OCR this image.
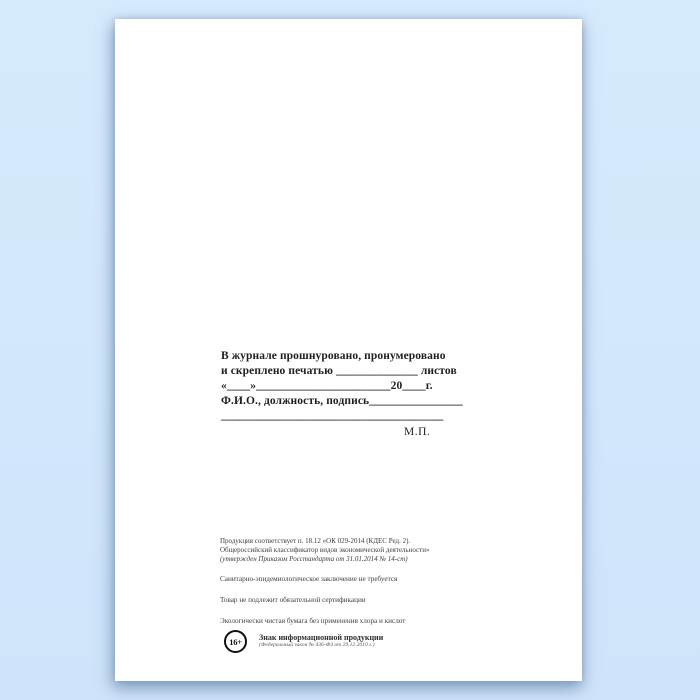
В журнале прошнуровано, пронумеровано
и скреплено печатью ______________ листов
«____»_______________________20____г.
Ф.И.О., должность, подпись________________
______________________________________
М.П.
Продукция соответствует п. 18.12 «ОК 029-2014 (КДЕС Ред. 2).
Общероссийский классификатор видов экономической деятельности»
(утвержден Приказом Росстандарта от 31.01.2014 № 14-ст)
Санитарно-эпидемиологическое заключение не требуется
Товар не подлежит обязательной сертификации
Экологически чистая бумага без применения хлора и кислот
16+ Знак информационной продукции
(Федеральный закон № 436-ФЗ от 29.12.2010 г.)
